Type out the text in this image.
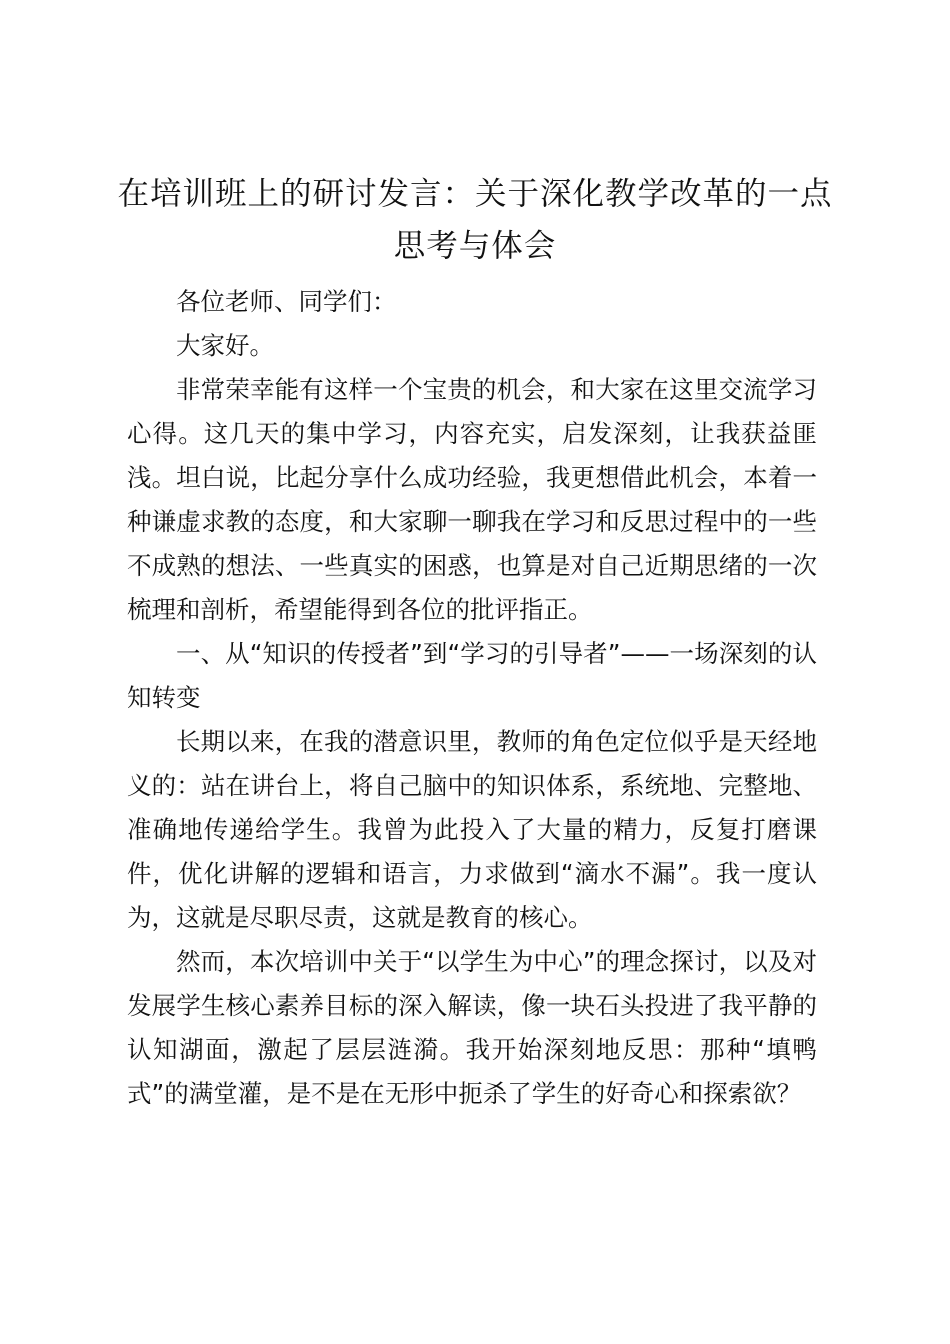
在培训班上的研讨发言：关于深化教学改革的一点思考与体会

各位老师、同学们：

大家好。

非常荣幸能有这样一个宝贵的机会，和大家在这里交流学习心得。这几天的集中学习，内容充实，启发深刻，让我获益匪浅。坦白说，比起分享什么成功经验，我更想借此机会，本着一种谦虚求教的态度，和大家聊一聊我在学习和反思过程中的一些不成熟的想法、一些真实的困惑，也算是对自己近期思绪的一次梳理和剖析，希望能得到各位的批评指正。

一、从“知识的传授者”到“学习的引导者”——一场深刻的认知转变

长期以来，在我的潜意识里，教师的角色定位似乎是天经地义的：站在讲台上，将自己脑中的知识体系，系统地、完整地、准确地传递给学生。我曾为此投入了大量的精力，反复打磨课件，优化讲解的逻辑和语言，力求做到“滴水不漏”。我一度认为，这就是尽职尽责，这就是教育的核心。

然而，本次培训中关于“以学生为中心”的理念探讨，以及对发展学生核心素养目标的深入解读，像一块石头投进了我平静的认知湖面，激起了层层涟漪。我开始深刻地反思：那种“填鸭式”的满堂灌，是不是在无形中扼杀了学生的好奇心和探索欲？
